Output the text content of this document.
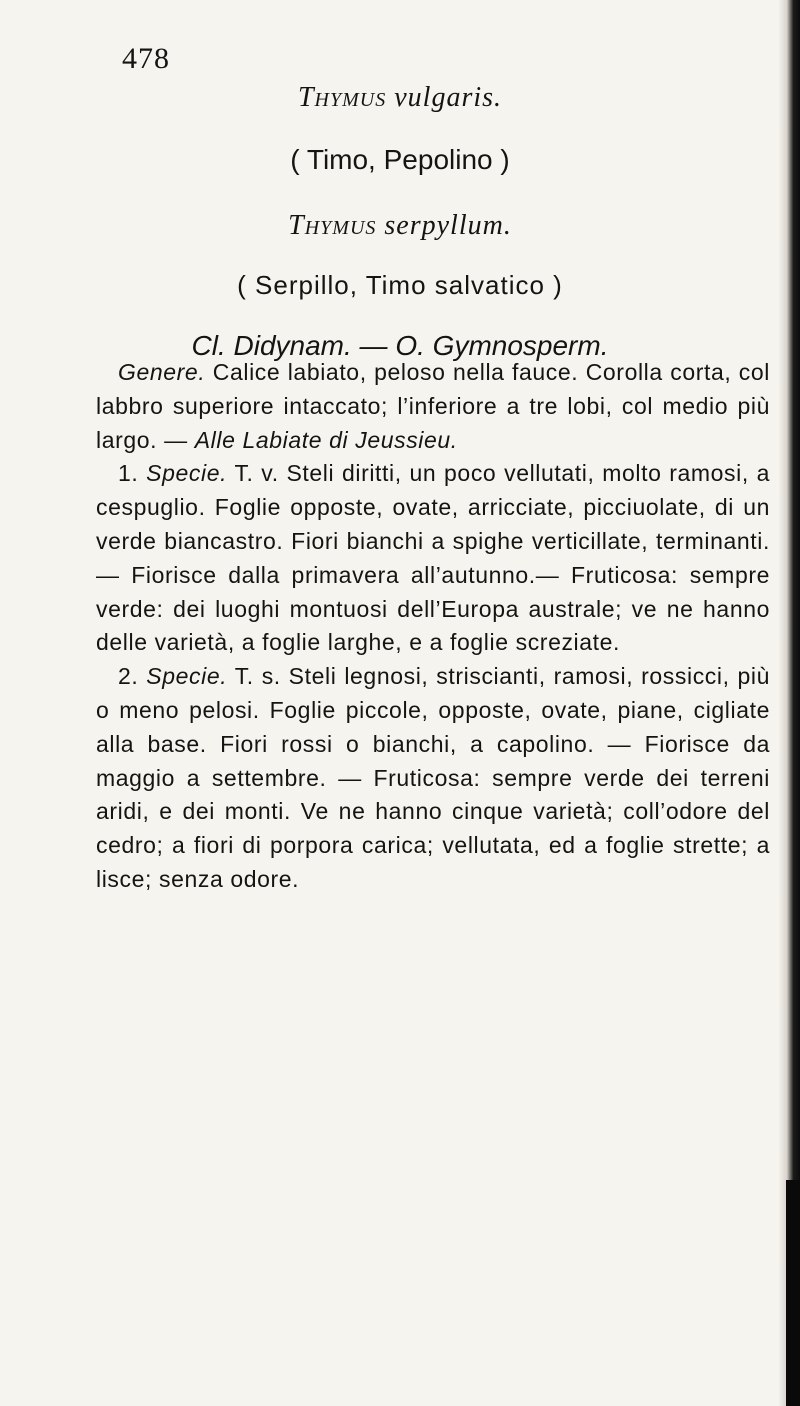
478
Thymus vulgaris.
( Timo, Pepolino )
Thymus serpyllum.
( Serpillo, Timo salvatico )
Cl. Didynam. — O. Gymnosperm.

Genere. Calice labiato, peloso nella fauce. Corolla corta, col labbro superiore intaccato; l’inferiore a tre lobi, col medio più largo. — Alle Labiate di Jeussieu.

1. Specie. T. v. Steli diritti, un poco vellutati, molto ramosi, a cespuglio. Foglie opposte, ovate, arricciate, picciuolate, di un verde biancastro. Fiori bianchi a spighe verticillate, terminanti. — Fiorisce dalla primavera all’autunno.— Fruticosa: sempre verde: dei luoghi montuosi dell’Europa australe; ve ne hanno delle varietà, a foglie larghe, e a foglie screziate.

2. Specie. T. s. Steli legnosi, striscianti, ramosi, rossicci, più o meno pelosi. Foglie piccole, opposte, ovate, piane, cigliate alla base. Fiori rossi o bianchi, a capolino. — Fiorisce da maggio a settembre. — Fruticosa: sempre verde dei terreni aridi, e dei monti. Ve ne hanno cinque varietà; coll’odore del cedro; a fiori di porpora carica; vellutata, ed a foglie strette; a lisce; senza odore.
